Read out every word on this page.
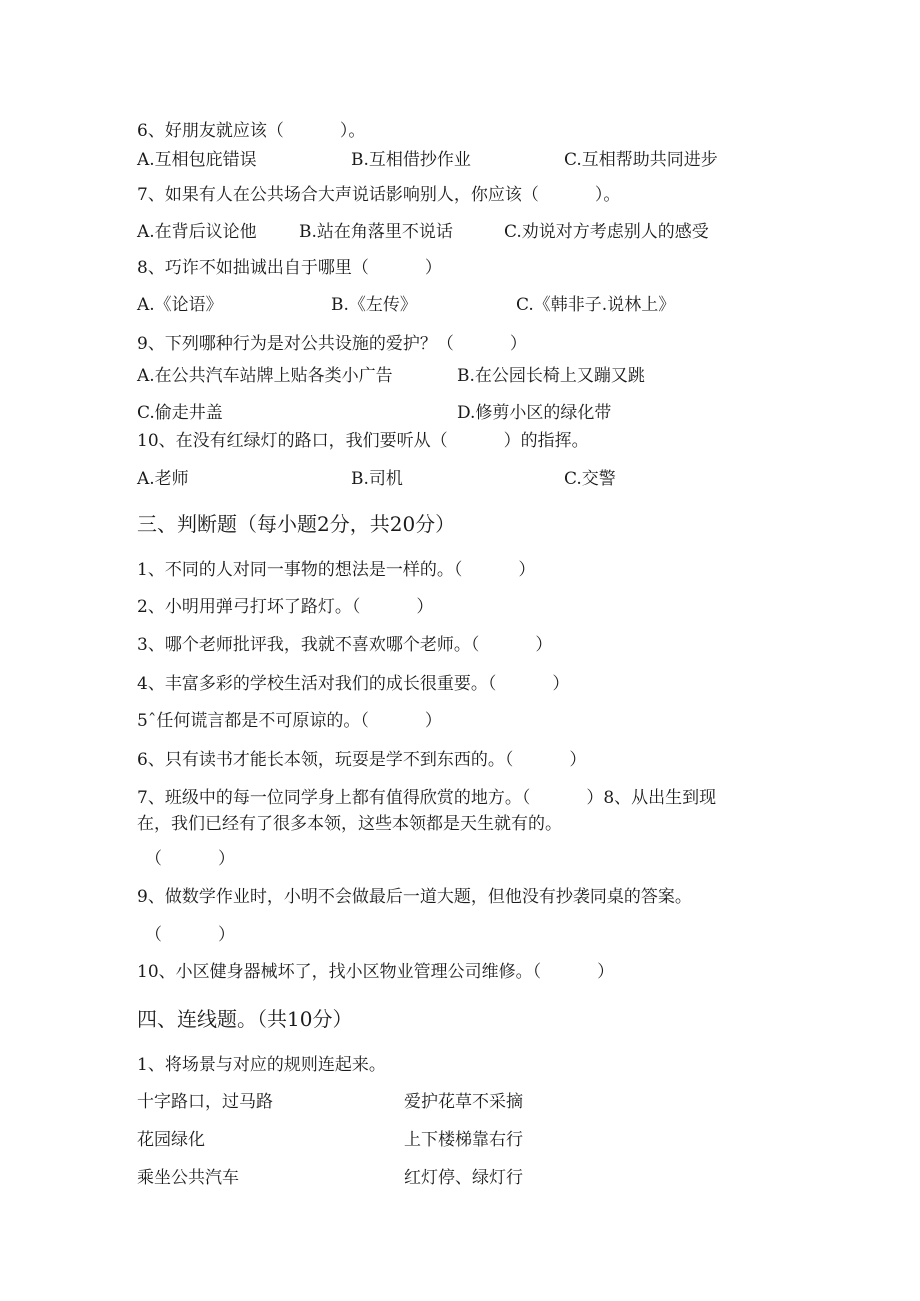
6、好朋友就应该（	）。
A.互相包庇错误	B.互相借抄作业	C.互相帮助共同进步
7、如果有人在公共场合大声说话影响别人，你应该（	）。
A.在背后议论他 B.站在角落里不说话	C.劝说对方考虑别人的感受
8、巧诈不如拙诚出自于哪里（	）
A.《论语》	B.《左传》	C.《韩非子.说林上》
9、下列哪种行为是对公共设施的爱护？（	）
A.在公共汽车站牌上贴各类小广告	B.在公园长椅上又蹦又跳
C.偷走井盖	D.修剪小区的绿化带
10、在没有红绿灯的路口，我们要听从（	）的指挥。
A.老师	B.司机	C.交警
三、判断题（每小题2分，共20分）
1、不同的人对同一事物的想法是一样的。（	）
2、小明用弹弓打坏了路灯。（	）
3、哪个老师批评我，我就不喜欢哪个老师。（	）
4、丰富多彩的学校生活对我们的成长很重要。（	）
5ˆ任何谎言都是不可原谅的。（	）
6、只有读书才能长本领，玩耍是学不到东西的。（	）
7、班级中的每一位同学身上都有值得欣赏的地方。（	）8、从出生到现
在，我们已经有了很多本领，这些本领都是天生就有的。
（	）
9、做数学作业时，小明不会做最后一道大题，但他没有抄袭同桌的答案。
（	）
10、小区健身器械坏了，找小区物业管理公司维修。（	）
四、连线题。（共10分）
1、将场景与对应的规则连起来。
十字路口，过马路	爱护花草不采摘
花园绿化	上下楼梯靠右行
乘坐公共汽车	红灯停、绿灯行
